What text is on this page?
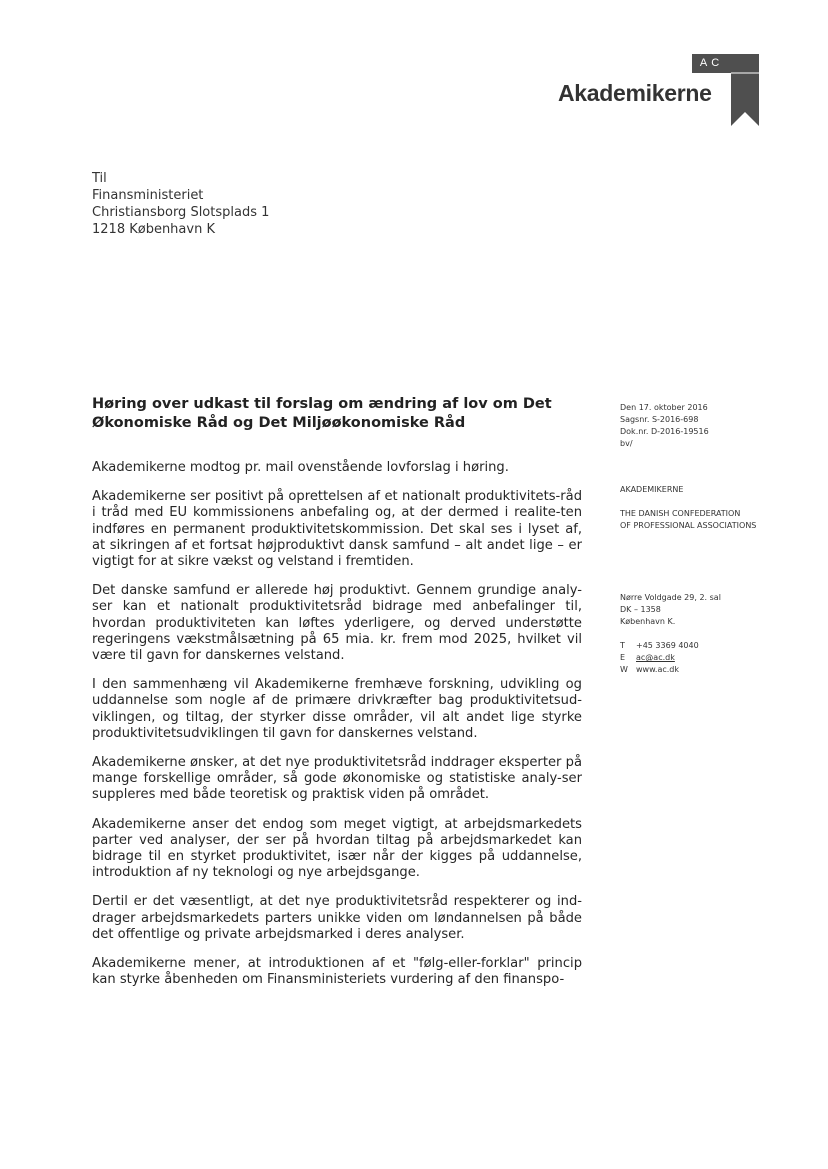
AC
Akademikerne
Til
Finansministeriet
Christiansborg Slotsplads 1
1218 København K
Høring over udkast til forslag om ændring af lov om Det Økonomiske Råd og Det Miljøøkonomiske Råd
Den 17. oktober 2016
Sagsnr. S-2016-698
Dok.nr. D-2016-19516
bv/
AKADEMIKERNE
THE DANISH CONFEDERATION
OF PROFESSIONAL ASSOCIATIONS
Nørre Voldgade 29, 2. sal
DK – 1358
København K.
T	+45 3369 4040
E	ac@ac.dk
W	www.ac.dk

Akademikerne modtog pr. mail ovenstående lovforslag i høring.

Akademikerne ser positivt på oprettelsen af et nationalt produktivitets-råd i tråd med EU kommissionens anbefaling og, at der dermed i realite-ten indføres en permanent produktivitetskommission. Det skal ses i lyset af, at sikringen af et fortsat højproduktivt dansk samfund – alt andet lige – er vigtigt for at sikre vækst og velstand i fremtiden.

Det danske samfund er allerede høj produktivt. Gennem grundige analy-ser kan et nationalt produktivitetsråd bidrage med anbefalinger til, hvordan produktiviteten kan løftes yderligere, og derved understøtte regeringens vækstmålsætning på 65 mia. kr. frem mod 2025, hvilket vil være til gavn for danskernes velstand.

I den sammenhæng vil Akademikerne fremhæve forskning, udvikling og uddannelse som nogle af de primære drivkræfter bag produktivitetsud-viklingen, og tiltag, der styrker disse områder, vil alt andet lige styrke produktivitetsudviklingen til gavn for danskernes velstand.

Akademikerne ønsker, at det nye produktivitetsråd inddrager eksperter på mange forskellige områder, så gode økonomiske og statistiske analy-ser suppleres med både teoretisk og praktisk viden på området.

Akademikerne anser det endog som meget vigtigt, at arbejdsmarkedets parter ved analyser, der ser på hvordan tiltag på arbejdsmarkedet kan bidrage til en styrket produktivitet, især når der kigges på uddannelse, introduktion af ny teknologi og nye arbejdsgange.

Dertil er det væsentligt, at det nye produktivitetsråd respekterer og ind-drager arbejdsmarkedets parters unikke viden om løndannelsen på både det offentlige og private arbejdsmarked i deres analyser.

Akademikerne mener, at introduktionen af et "følg-eller-forklar" princip kan styrke åbenheden om Finansministeriets vurdering af den finanspo-
